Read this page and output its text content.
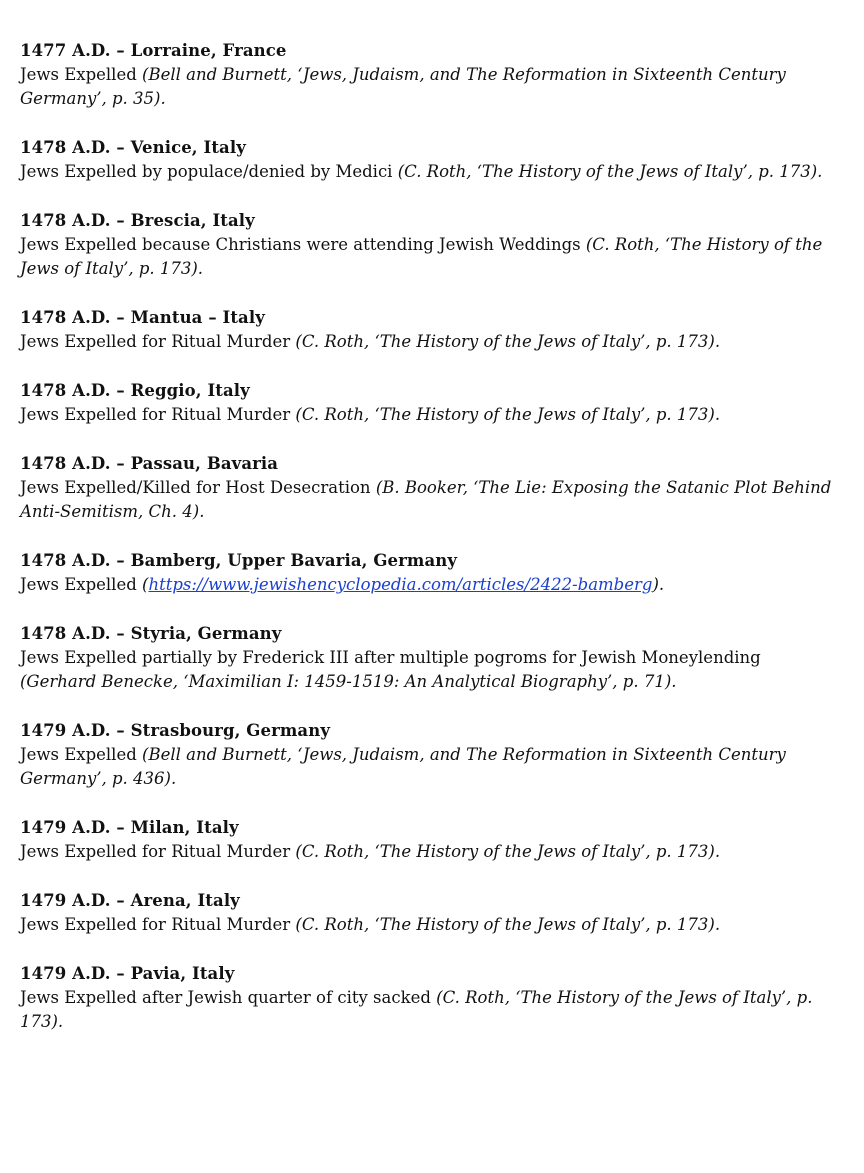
1477 A.D. – Lorraine, France
Jews Expelled (Bell and Burnett, ‘Jews, Judaism, and The Reformation in Sixteenth Century Germany’, p. 35).
1478 A.D. – Venice, Italy
Jews Expelled by populace/denied by Medici (C. Roth, ‘The History of the Jews of Italy’, p. 173).
1478 A.D. – Brescia, Italy
Jews Expelled because Christians were attending Jewish Weddings (C. Roth, ‘The History of the Jews of Italy’, p. 173).
1478 A.D. – Mantua – Italy
Jews Expelled for Ritual Murder (C. Roth, ‘The History of the Jews of Italy’, p. 173).
1478 A.D. – Reggio, Italy
Jews Expelled for Ritual Murder (C. Roth, ‘The History of the Jews of Italy’, p. 173).
1478 A.D. – Passau, Bavaria
Jews Expelled/Killed for Host Desecration (B. Booker, ‘The Lie: Exposing the Satanic Plot Behind Anti-Semitism, Ch. 4).
1478 A.D. – Bamberg, Upper Bavaria, Germany
Jews Expelled (https://www.jewishencyclopedia.com/articles/2422-bamberg).
1478 A.D. – Styria, Germany
Jews Expelled partially by Frederick III after multiple pogroms for Jewish Moneylending (Gerhard Benecke, ‘Maximilian I: 1459-1519: An Analytical Biography’, p. 71).
1479 A.D. – Strasbourg, Germany
Jews Expelled (Bell and Burnett, ‘Jews, Judaism, and The Reformation in Sixteenth Century Germany’, p. 436).
1479 A.D. – Milan, Italy
Jews Expelled for Ritual Murder (C. Roth, ‘The History of the Jews of Italy’, p. 173).
1479 A.D. – Arena, Italy
Jews Expelled for Ritual Murder (C. Roth, ‘The History of the Jews of Italy’, p. 173).
1479 A.D. – Pavia, Italy
Jews Expelled after Jewish quarter of city sacked (C. Roth, ‘The History of the Jews of Italy’, p. 173).
